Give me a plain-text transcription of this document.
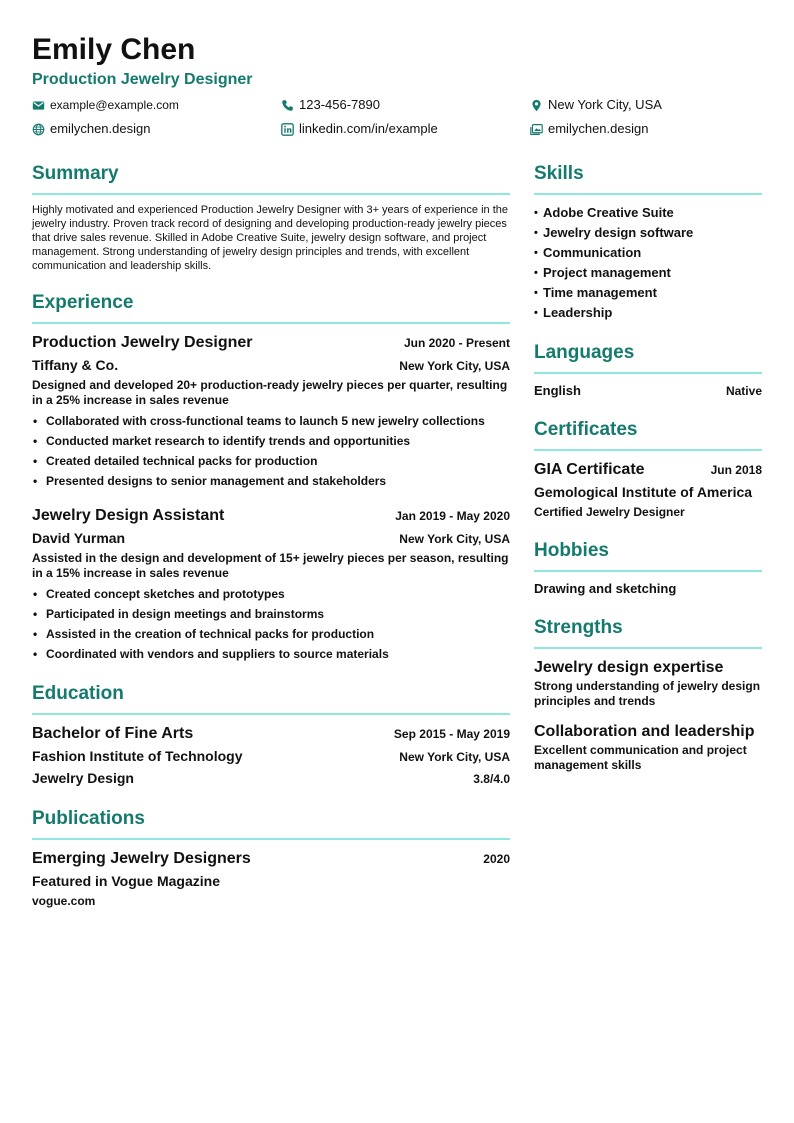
Emily Chen
Production Jewelry Designer
example@example.com	123-456-7890	New York City, USA
emilychen.design	linkedin.com/in/example	emilychen.design
Summary
Highly motivated and experienced Production Jewelry Designer with 3+ years of experience in the jewelry industry. Proven track record of designing and developing production-ready jewelry pieces that drive sales revenue. Skilled in Adobe Creative Suite, jewelry design software, and project management. Strong understanding of jewelry design principles and trends, with excellent communication and leadership skills.
Experience
Production Jewelry Designer	Jun 2020 - Present
Tiffany & Co.	New York City, USA
Designed and developed 20+ production-ready jewelry pieces per quarter, resulting in a 25% increase in sales revenue
• Collaborated with cross-functional teams to launch 5 new jewelry collections
• Conducted market research to identify trends and opportunities
• Created detailed technical packs for production
• Presented designs to senior management and stakeholders
Jewelry Design Assistant	Jan 2019 - May 2020
David Yurman	New York City, USA
Assisted in the design and development of 15+ jewelry pieces per season, resulting in a 15% increase in sales revenue
• Created concept sketches and prototypes
• Participated in design meetings and brainstorms
• Assisted in the creation of technical packs for production
• Coordinated with vendors and suppliers to source materials
Education
Bachelor of Fine Arts	Sep 2015 - May 2019
Fashion Institute of Technology	New York City, USA
Jewelry Design	3.8/4.0
Publications
Emerging Jewelry Designers	2020
Featured in Vogue Magazine
vogue.com
Skills
• Adobe Creative Suite
• Jewelry design software
• Communication
• Project management
• Time management
• Leadership
Languages
English	Native
Certificates
GIA Certificate	Jun 2018
Gemological Institute of America
Certified Jewelry Designer
Hobbies
Drawing and sketching
Strengths
Jewelry design expertise
Strong understanding of jewelry design principles and trends
Collaboration and leadership
Excellent communication and project management skills
